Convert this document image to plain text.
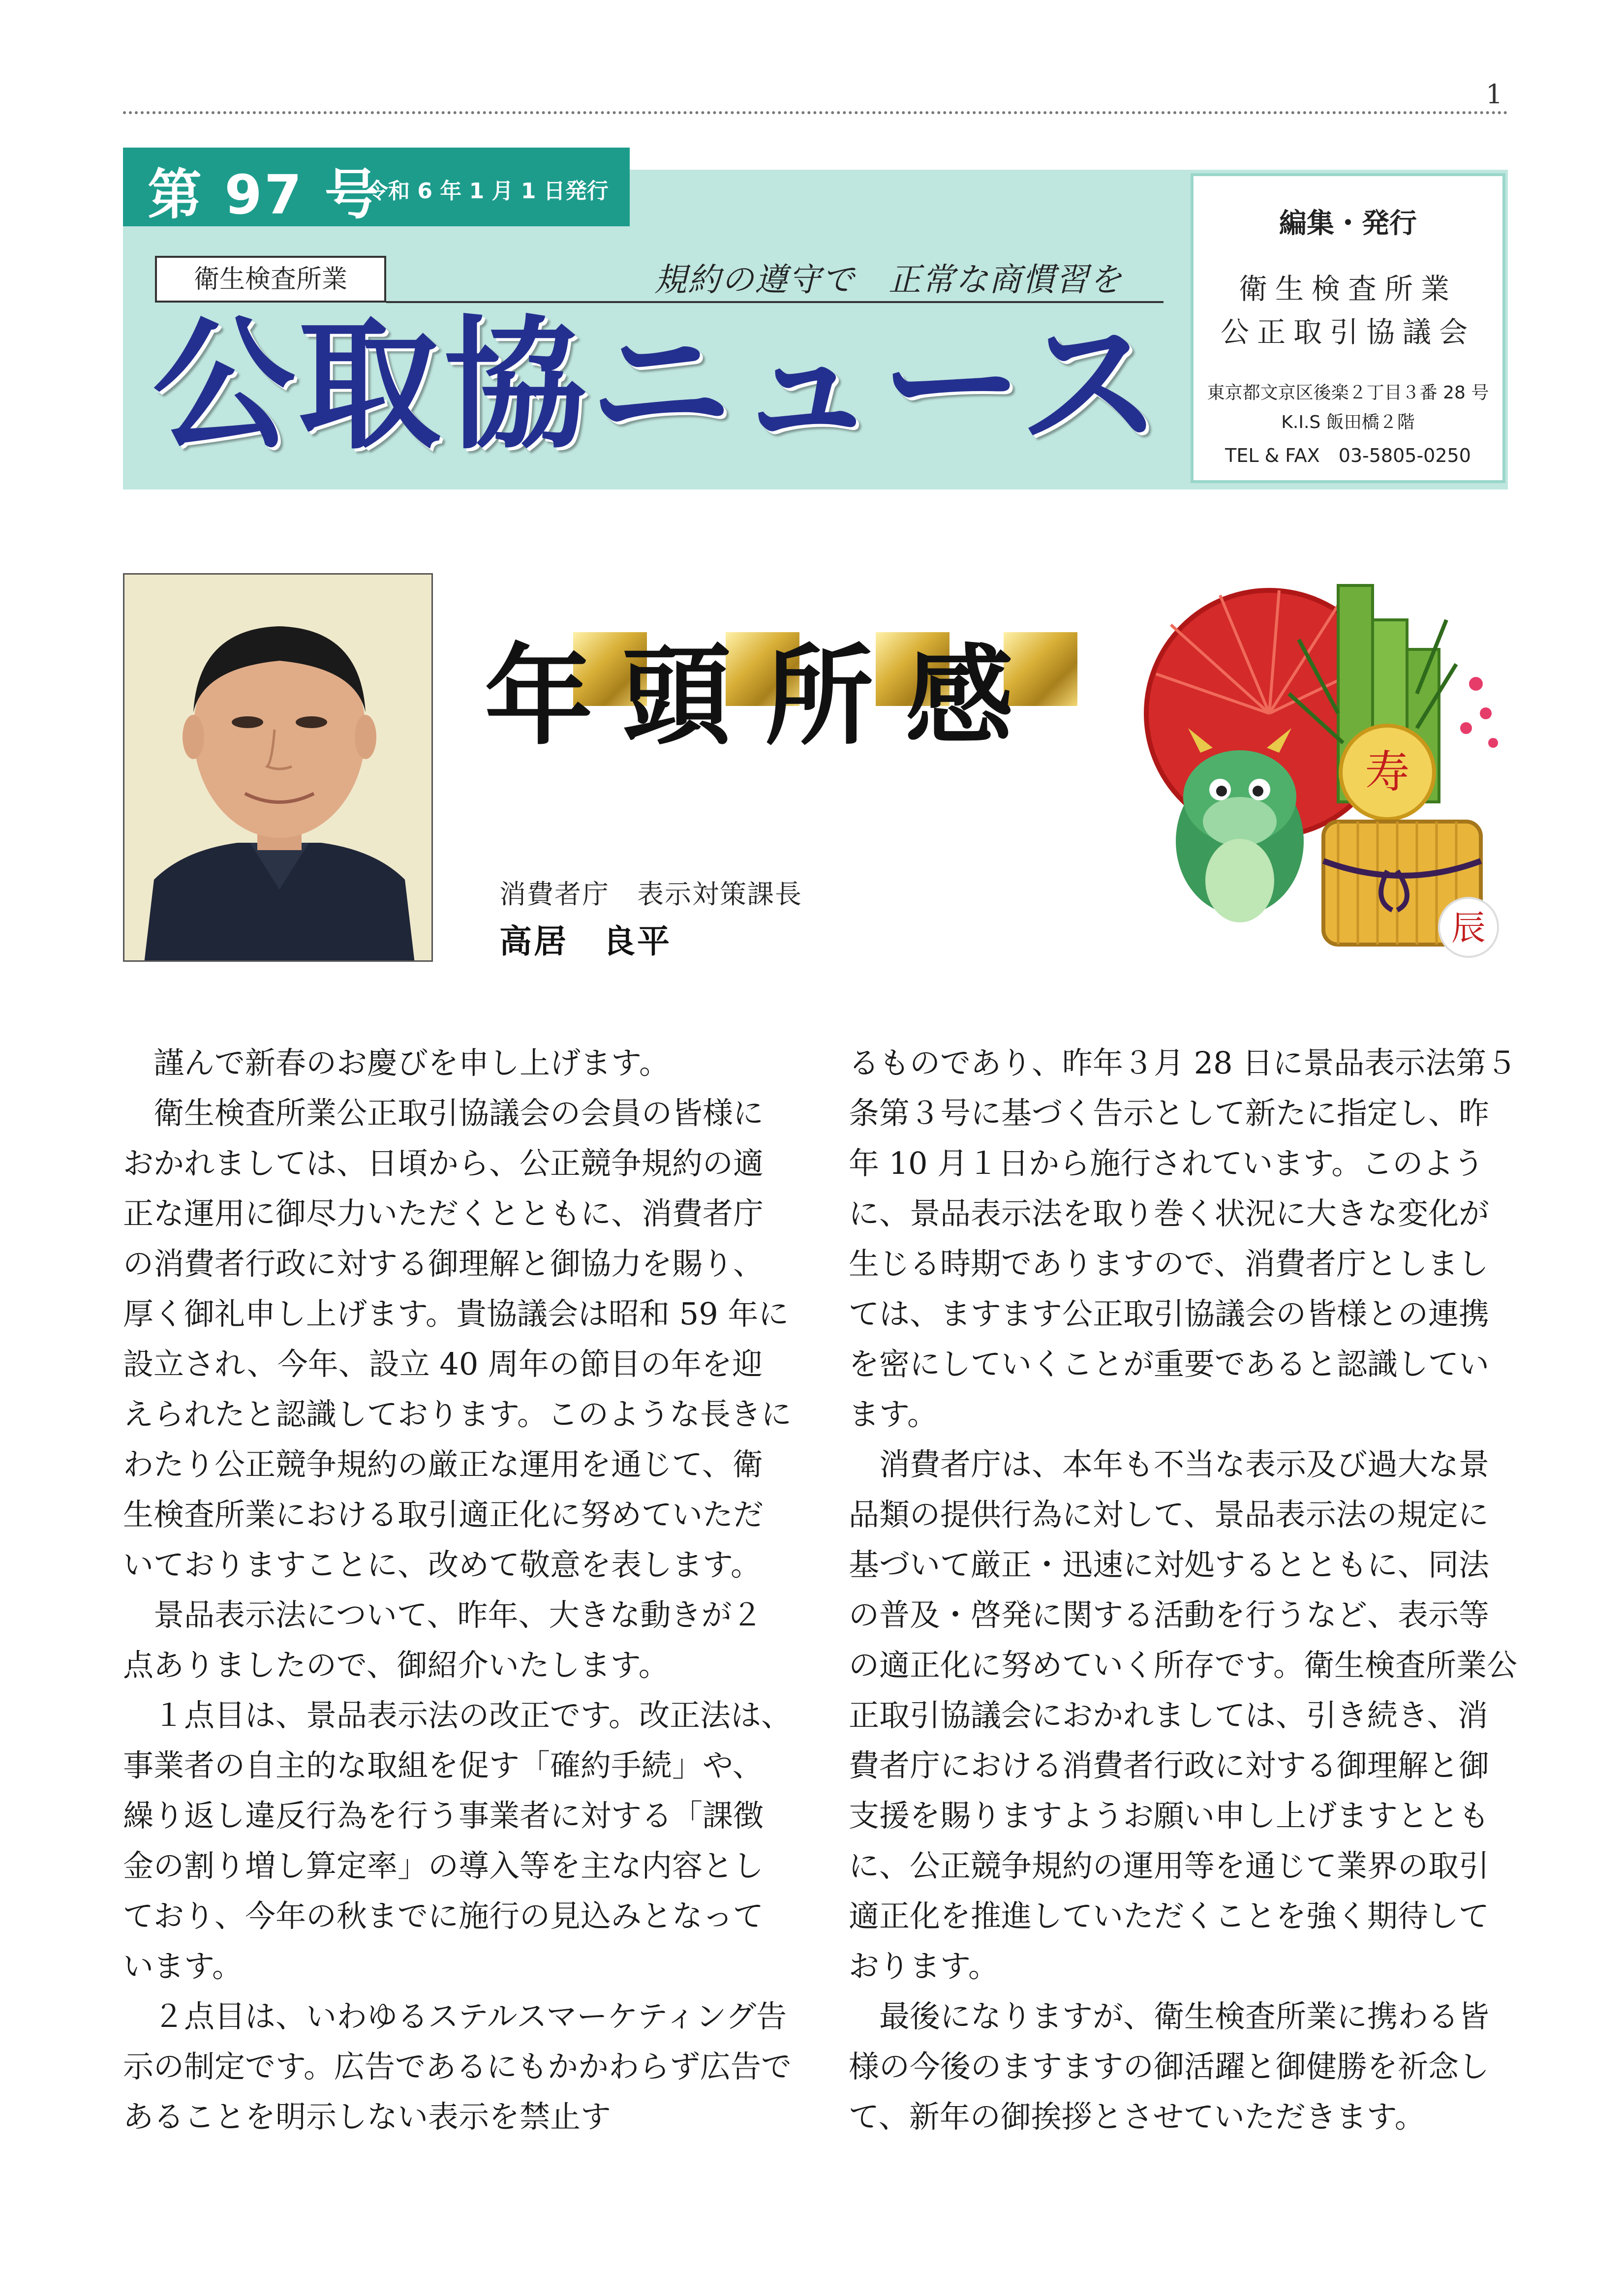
1
第 97 号
令和 6 年 1 月 1 日発行
衛生検査所業	規約の遵守で　正常な商慣習を
公取協ニュース
編集・発行
衛生検査所業
公正取引協議会
東京都文京区後楽２丁目３番 28 号
K.I.S 飯田橋２階
TEL & FAX　03-5805-0250
年 頭 所 感
消費者庁　表示対策課長
高居　良平
寿
辰

　謹んで新春のお慶びを申し上げます。

　衛生検査所業公正取引協議会の会員の皆様におかれましては、日頃から、公正競争規約の適正な運用に御尽力いただくとともに、消費者庁の消費者行政に対する御理解と御協力を賜り、厚く御礼申し上げます。貴協議会は昭和 59 年に設立され、今年、設立 40 周年の節目の年を迎えられたと認識しております。このような長きにわたり公正競争規約の厳正な運用を通じて、衛生検査所業における取引適正化に努めていただいておりますことに、改めて敬意を表します。

　景品表示法について、昨年、大きな動きが２点ありましたので、御紹介いたします。

　１点目は、景品表示法の改正です。改正法は、事業者の自主的な取組を促す「確約手続」や、繰り返し違反行為を行う事業者に対する「課徴金の割り増し算定率」の導入等を主な内容としており、今年の秋までに施行の見込みとなっています。

　２点目は、いわゆるステルスマーケティング告示の制定です。広告であるにもかかわらず広告であることを明示しない表示を禁止す

るものであり、昨年３月 28 日に景品表示法第５条第３号に基づく告示として新たに指定し、昨年 10 月１日から施行されています。このように、景品表示法を取り巻く状況に大きな変化が生じる時期でありますので、消費者庁としましては、ますます公正取引協議会の皆様との連携を密にしていくことが重要であると認識しています。

　消費者庁は、本年も不当な表示及び過大な景品類の提供行為に対して、景品表示法の規定に基づいて厳正・迅速に対処するとともに、同法の普及・啓発に関する活動を行うなど、表示等の適正化に努めていく所存です。衛生検査所業公正取引協議会におかれましては、引き続き、消費者庁における消費者行政に対する御理解と御支援を賜りますようお願い申し上げますとともに、公正競争規約の運用等を通じて業界の取引適正化を推進していただくことを強く期待しております。

　最後になりますが、衛生検査所業に携わる皆様の今後のますますの御活躍と御健勝を祈念して、新年の御挨拶とさせていただきます。
